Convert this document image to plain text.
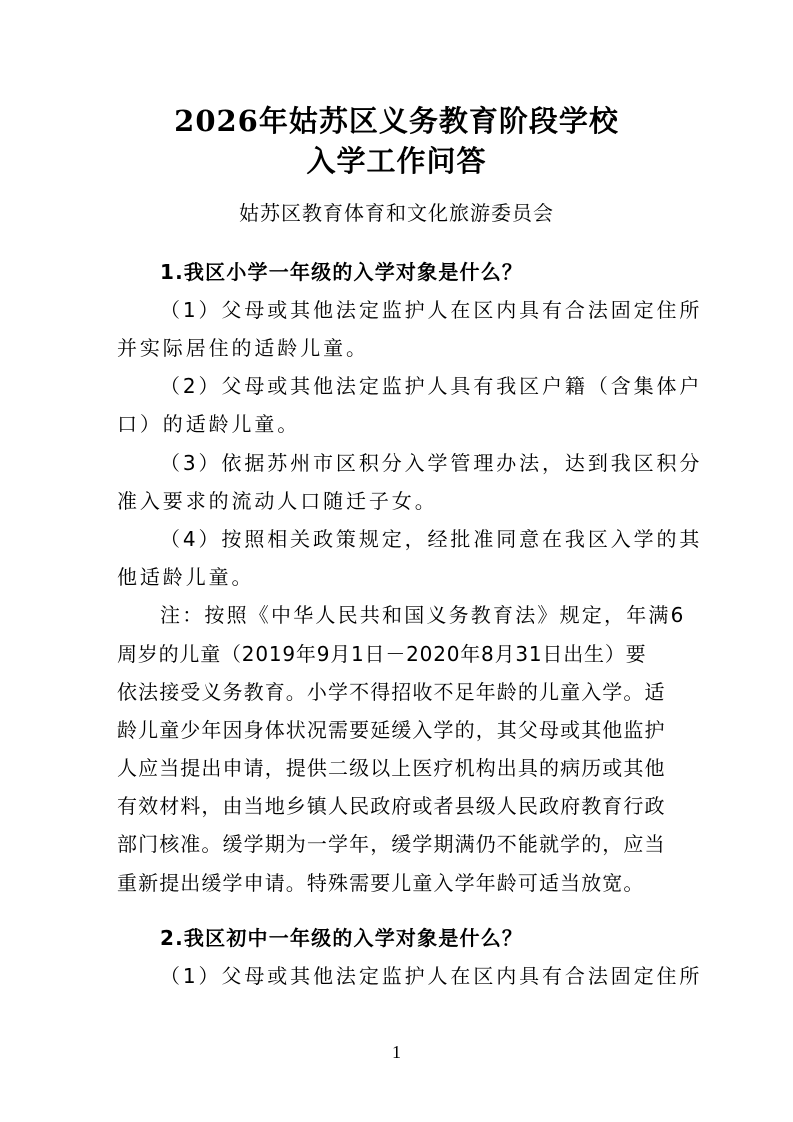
2026年姑苏区义务教育阶段学校
入学工作问答
姑苏区教育体育和文化旅游委员会
1.我区小学一年级的入学对象是什么？
（1）父母或其他法定监护人在区内具有合法固定住所
并实际居住的适龄儿童。
（2）父母或其他法定监护人具有我区户籍（含集体户
口）的适龄儿童。
（3）依据苏州市区积分入学管理办法，达到我区积分
准入要求的流动人口随迁子女。
（4）按照相关政策规定，经批准同意在我区入学的其
他适龄儿童。
注：按照《中华人民共和国义务教育法》规定，年满6
周岁的儿童（2019年9月1日－2020年8月31日出生）要
依法接受义务教育。小学不得招收不足年龄的儿童入学。适
龄儿童少年因身体状况需要延缓入学的，其父母或其他监护
人应当提出申请，提供二级以上医疗机构出具的病历或其他
有效材料，由当地乡镇人民政府或者县级人民政府教育行政
部门核准。缓学期为一学年，缓学期满仍不能就学的，应当
重新提出缓学申请。特殊需要儿童入学年龄可适当放宽。
2.我区初中一年级的入学对象是什么？
（1）父母或其他法定监护人在区内具有合法固定住所
1
